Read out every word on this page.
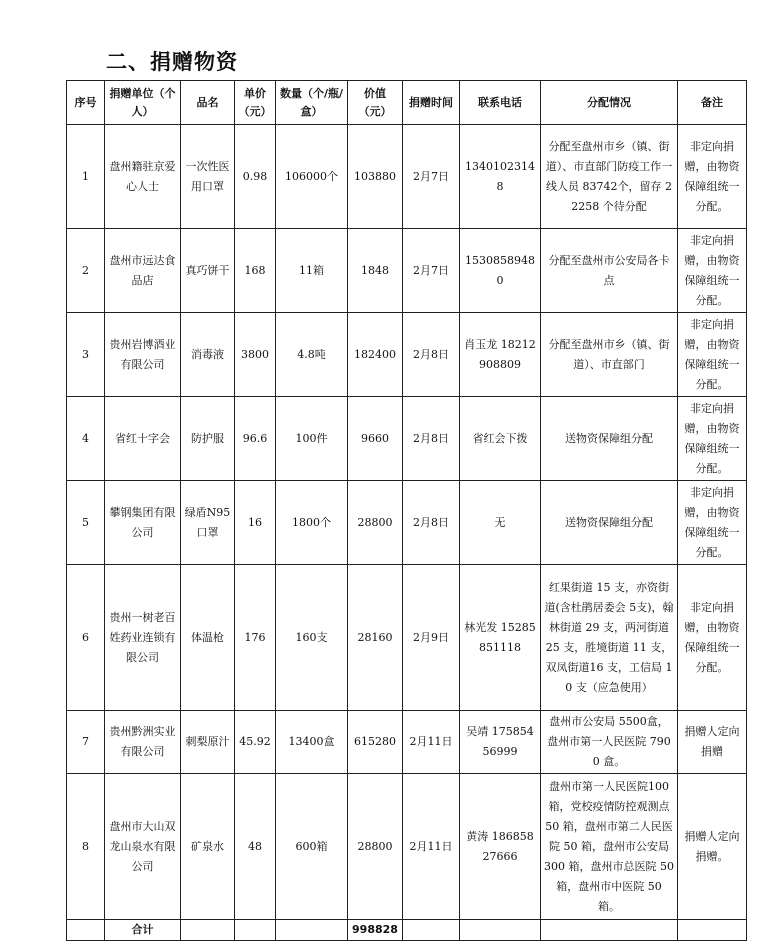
二、捐赠物资
序号	捐赠单位（个人）	品名	单价（元）	数量（个/瓶/盒）	价值（元）	捐赠时间	联系电话	分配情况	备注
1	盘州籍驻京爱心人士	一次性医用口罩	0.98	106000个	103880	2月7日	13401023148	分配至盘州市乡（镇、街道）、市直部门防疫工作一线人员 83742个，留存 22258 个待分配	非定向捐赠，由物资保障组统一分配。
2	盘州市远达食品店	真巧饼干	168	11箱	1848	2月7日	15308589480	分配至盘州市公安局各卡点	非定向捐赠，由物资保障组统一分配。
3	贵州岩博酒业有限公司	消毒液	3800	4.8吨	182400	2月8日	肖玉龙 18212908809	分配至盘州市乡（镇、街道）、市直部门	非定向捐赠，由物资保障组统一分配。
4	省红十字会	防护服	96.6	100件	9660	2月8日	省红会下拨	送物资保障组分配	非定向捐赠，由物资保障组统一分配。
5	攀钢集团有限公司	绿盾N95口罩	16	1800个	28800	2月8日	无	送物资保障组分配	非定向捐赠，由物资保障组统一分配。
6	贵州一树老百姓药业连锁有限公司	体温枪	176	160支	28160	2月9日	林光发 15285851118	红果街道 15 支，亦资街道(含杜鹃居委会 5支)，翰林街道 29 支，两河街道 25 支，胜境街道 11 支，双凤街道16 支，工信局 10 支（应急使用）	非定向捐赠，由物资保障组统一分配。
7	贵州黔洲实业有限公司	刺梨原汁	45.92	13400盒	615280	2月11日	吴靖 17585456999	盘州市公安局 5500盒，盘州市第一人民医院 7900 盒。	捐赠人定向捐赠
8	盘州市大山双龙山泉水有限公司	矿泉水	48	600箱	28800	2月11日	黄涛 18685827666	盘州市第一人民医院100 箱，党校疫情防控观测点 50 箱，盘州市第二人民医院 50 箱，盘州市公安局 300 箱，盘州市总医院 50 箱，盘州市中医院 50 箱。	捐赠人定向捐赠。
	合计				998828				
